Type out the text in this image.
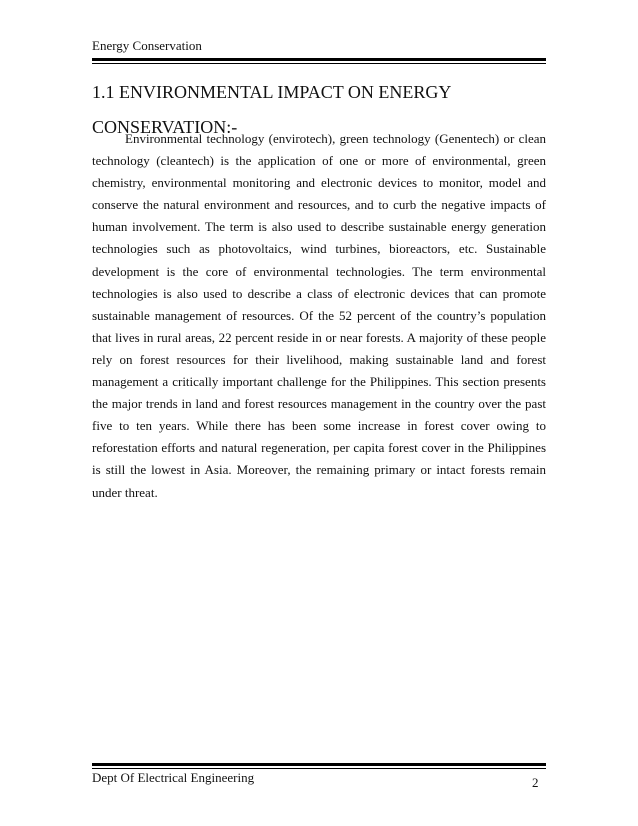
Energy Conservation
1.1 ENVIRONMENTAL IMPACT ON ENERGY CONSERVATION:-

Environmental technology (envirotech), green technology (Genentech) or clean technology (cleantech) is the application of one or more of environmental, green chemistry, environmental monitoring and electronic devices to monitor, model and conserve the natural environment and resources, and to curb the negative impacts of human involvement. The term is also used to describe sustainable energy generation technologies such as photovoltaics, wind turbines, bioreactors, etc. Sustainable development is the core of environmental technologies. The term environmental technologies is also used to describe a class of electronic devices that can promote sustainable management of resources. Of the 52 percent of the country’s population that lives in rural areas, 22 percent reside in or near forests. A majority of these people rely on forest resources for their livelihood, making sustainable land and forest management a critically important challenge for the Philippines. This section presents the major trends in land and forest resources management in the country over the past five to ten years. While there has been some increase in forest cover owing to reforestation efforts and natural regeneration, per capita forest cover in the Philippines is still the lowest in Asia. Moreover, the remaining primary or intact forests remain under threat.

Dept Of Electrical Engineering	2
